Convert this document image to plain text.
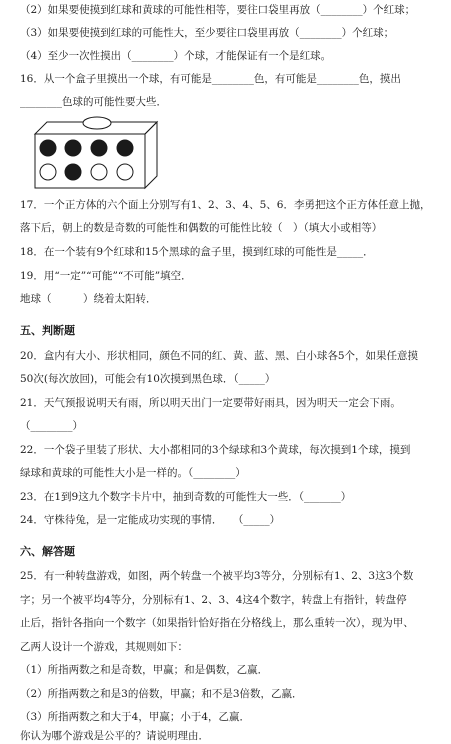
（2）如果要使摸到红球和黄球的可能性相等，要往口袋里再放（________）个红球；
（3）如果要使摸到红球的可能性大，至少要往口袋里再放（________）个红球；
（4）至少一次性摸出（________）个球，才能保证有一个是红球。
16．从一个盒子里摸出一个球，有可能是________色，有可能是________色，摸出
________色球的可能性要大些．
17．一个正方体的六个面上分别写有1、2、3、4、5、6．李勇把这个正方体任意上抛，
落下后，朝上的数是奇数的可能性和偶数的可能性比较（　）（填大小或相等）
18．在一个装有9个红球和15个黑球的盒子里，摸到红球的可能性是_____．
19．用“一定”“可能”“不可能”填空．
地球（　　　）绕着太阳转．
五、判断题
20．盒内有大小、形状相同，颜色不同的红、黄、蓝、黑、白小球各5个，如果任意摸
50次(每次放回)，可能会有10次摸到黑色球．（_____）
21．天气预报说明天有雨，所以明天出门一定要带好雨具，因为明天一定会下雨。
（________）
22．一个袋子里装了形状、大小都相同的3个绿球和3个黄球，每次摸到1个球，摸到
绿球和黄球的可能性大小是一样的。（________）
23．在1到9这九个数字卡片中，抽到奇数的可能性大一些．（_______）
24．守株待兔，是一定能成功实现的事情．　　（_____）
六、解答题
25．有一种转盘游戏，如图，两个转盘一个被平均3等分，分别标有1、2、3这3个数
字；另一个被平均4等分，分别标有1、2、3、4这4个数字，转盘上有指针，转盘停
止后，指针各指向一个数字（如果指针恰好指在分格线上，那么重转一次），现为甲、
乙两人设计一个游戏，其规则如下：
（1）所指两数之和是奇数，甲赢；和是偶数，乙赢．
（2）所指两数之和是3的倍数，甲赢；和不是3倍数，乙赢．
（3）所指两数之和大于4，甲赢；小于4，乙赢．
你认为哪个游戏是公平的？请说明理由．
